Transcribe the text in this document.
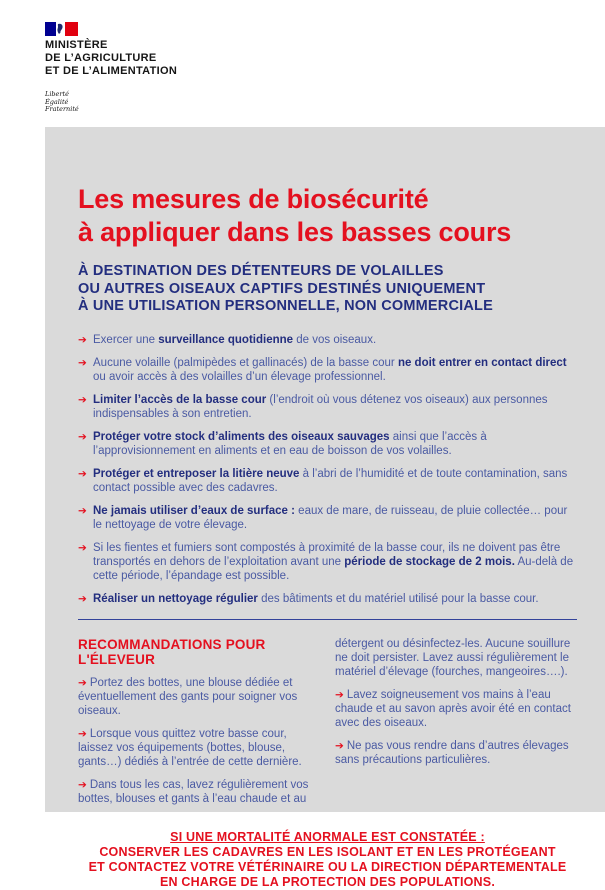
MINISTÈRE
DE L’AGRICULTURE
ET DE L’ALIMENTATION
Liberté
Égalité
Fraternité
Les mesures de biosécurité
à appliquer dans les basses cours
À DESTINATION DES DÉTENTEURS DE VOLAILLES
OU AUTRES OISEAUX CAPTIFS DESTINÉS UNIQUEMENT
À UNE UTILISATION PERSONNELLE, NON COMMERCIALE
➔ Exercer une surveillance quotidienne de vos oiseaux.
➔ Aucune volaille (palmipèdes et gallinacés) de la basse cour ne doit entrer en contact direct ou avoir accès à des volailles d’un élevage professionnel.
➔ Limiter l’accès de la basse cour (l’endroit où vous détenez vos oiseaux) aux personnes indispensables à son entretien.
➔ Protéger votre stock d’aliments des oiseaux sauvages ainsi que l’accès à l’approvisionnement en aliments et en eau de boisson de vos volailles.
➔ Protéger et entreposer la litière neuve à l’abri de l’humidité et de toute contamination, sans contact possible avec des cadavres.
➔ Ne jamais utiliser d’eaux de surface : eaux de mare, de ruisseau, de pluie collectée… pour le nettoyage de votre élevage.
➔ Si les fientes et fumiers sont compostés à proximité de la basse cour, ils ne doivent pas être transportés en dehors de l’exploitation avant une période de stockage de 2 mois. Au-delà de cette période, l’épandage est possible.
➔ Réaliser un nettoyage régulier des bâtiments et du matériel utilisé pour la basse cour.
RECOMMANDATIONS POUR L'ÉLEVEUR
➔ Portez des bottes, une blouse dédiée et éventuellement des gants pour soigner vos oiseaux.
➔ Lorsque vous quittez votre basse cour, laissez vos équipements (bottes, blouse, gants…) dédiés à l’entrée de cette dernière.
➔ Dans tous les cas, lavez régulièrement vos bottes, blouses et gants à l’eau chaude et au
détergent ou désinfectez-les. Aucune souillure ne doit persister. Lavez aussi régulièrement le matériel d’élevage (fourches, mangeoires….).
➔ Lavez soigneusement vos mains à l’eau chaude et au savon après avoir été en contact avec des oiseaux.
➔ Ne pas vous rendre dans d’autres élevages sans précautions particulières.
SI UNE MORTALITÉ ANORMALE EST CONSTATÉE :
CONSERVER LES CADAVRES EN LES ISOLANT ET EN LES PROTÉGEANT
ET CONTACTEZ VOTRE VÉTÉRINAIRE OU LA DIRECTION DÉPARTEMENTALE
EN CHARGE DE LA PROTECTION DES POPULATIONS.
